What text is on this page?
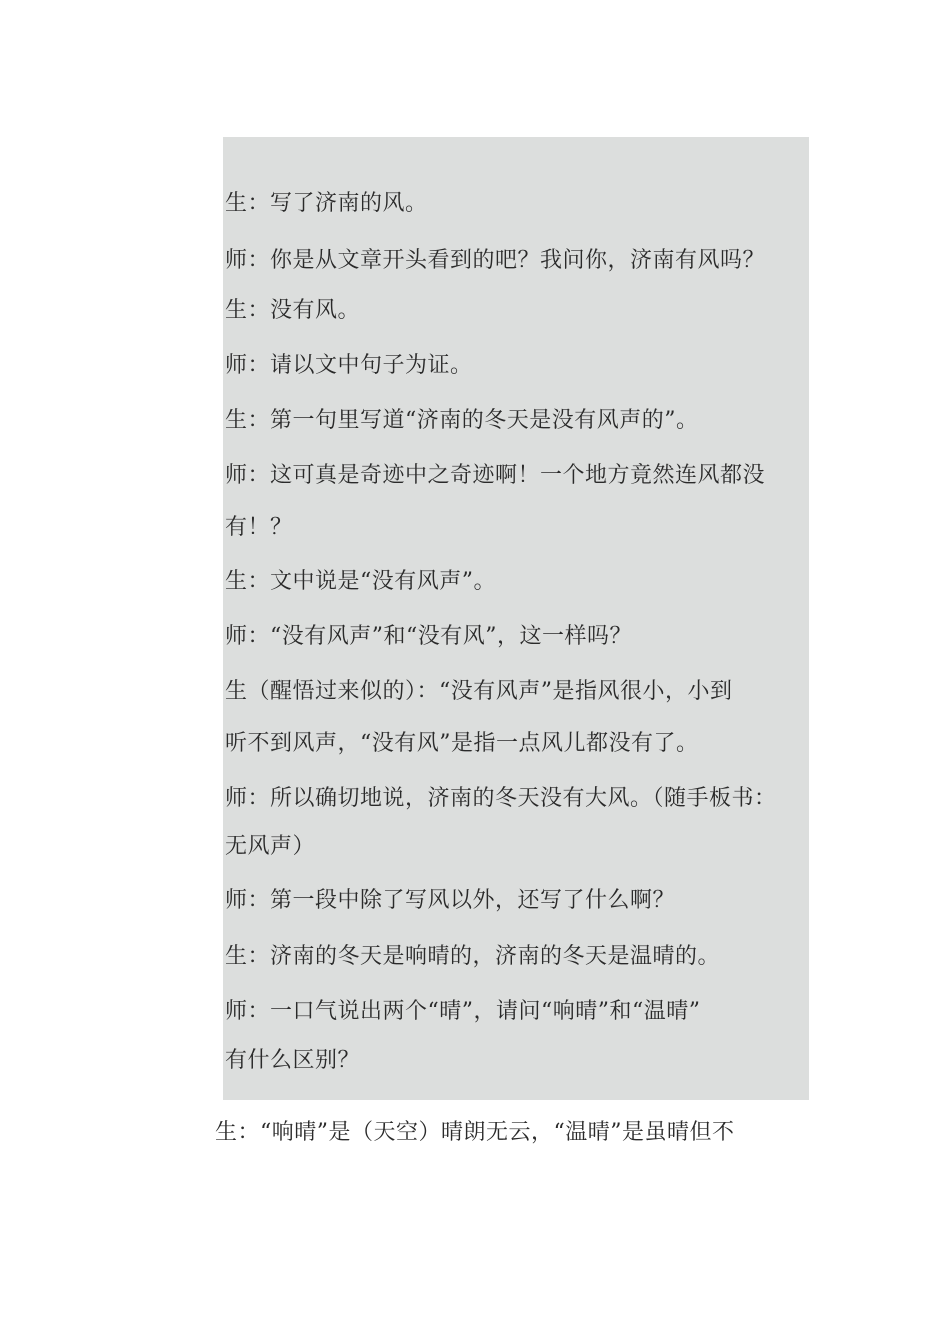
生：写了济南的风。
师：你是从文章开头看到的吧？我问你，济南有风吗？
生：没有风。
师：请以文中句子为证。
生：第一句里写道“济南的冬天是没有风声的”。
师：这可真是奇迹中之奇迹啊！一个地方竟然连风都没
有！？
生：文中说是“没有风声”。
师：“没有风声”和“没有风”，这一样吗？
生（醒悟过来似的）：“没有风声”是指风很小，小到
听不到风声，“没有风”是指一点风儿都没有了。
师：所以确切地说，济南的冬天没有大风。（随手板书：
无风声）
师：第一段中除了写风以外，还写了什么啊？
生：济南的冬天是响晴的，济南的冬天是温晴的。
师：一口气说出两个“晴”，请问“响晴”和“温晴”
有什么区别？
生：“响晴”是（天空）晴朗无云，“温晴”是虽晴但不
